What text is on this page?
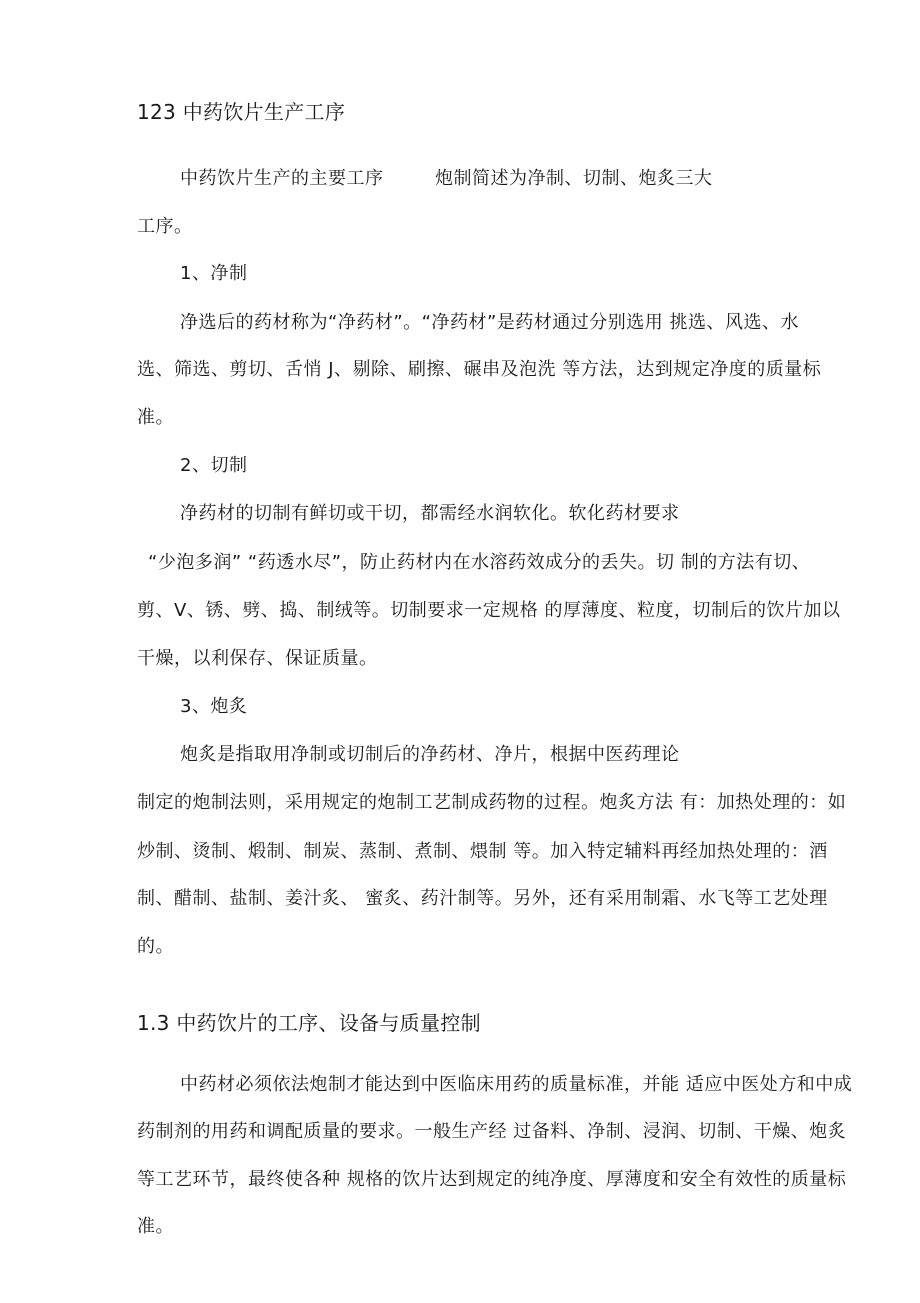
123 中药饮片生产工序
中药饮片生产的主要工序	炮制简述为净制、切制、炮炙三大
工序。
1、净制
净选后的药材称为“净药材”。“净药材”是药材通过分别选用 挑选、风选、水
选、筛选、剪切、舌悄 J、剔除、刷擦、碾串及泡洗 等方法，达到规定净度的质量标
准。
2、切制
净药材的切制有鲜切或干切，都需经水润软化。软化药材要求
“少泡多润” “药透水尽”，防止药材内在水溶药效成分的丢失。切 制的方法有切、
剪、V、锈、劈、捣、制绒等。切制要求一定规格 的厚薄度、粒度，切制后的饮片加以
干燥，以利保存、保证质量。
3、炮炙
炮炙是指取用净制或切制后的净药材、净片，根据中医药理论
制定的炮制法则，采用规定的炮制工艺制成药物的过程。炮炙方法 有：加热处理的：如
炒制、烫制、煅制、制炭、蒸制、煮制、煨制 等。加入特定辅料再经加热处理的：酒
制、醋制、盐制、姜汁炙、 蜜炙、药汁制等。另外，还有采用制霜、水飞等工艺处理
的。
1.3 中药饮片的工序、设备与质量控制
中药材必须依法炮制才能达到中医临床用药的质量标准，并能 适应中医处方和中成
药制剂的用药和调配质量的要求。一般生产经 过备料、净制、浸润、切制、干燥、炮炙
等工艺环节，最终使各种 规格的饮片达到规定的纯净度、厚薄度和安全有效性的质量标
准。
